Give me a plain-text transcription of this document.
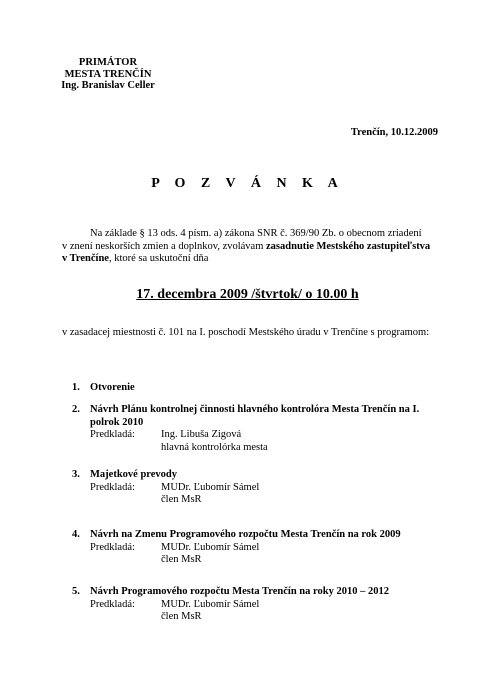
PRIMÁTOR
MESTA TRENČÍN
Ing. Branislav Celler
Trenčín, 10.12.2009
P O Z V Á N K A

Na základe § 13 ods. 4 písm. a) zákona SNR č. 369/90 Zb. o obecnom zriadení

v znení neskorších zmien a doplnkov, zvolávam zasadnutie Mestského zastupiteľstva

v Trenčíne, ktoré sa uskutoční dňa

17. decembra 2009 /štvrtok/ o 10.00 h
v zasadacej miestnosti č. 101 na I. poschodí Mestského úradu v Trenčíne s programom:
1. Otvorenie
2. Návrh Plánu kontrolnej činnosti hlavného kontrolóra Mesta Trenčín na I. polrok 2010
Predkladá:	Ing. Libuša Zigová
hlavná kontrolórka mesta
3. Majetkové prevody
Predkladá:	MUDr. Ľubomír Sámel
člen MsR
4. Návrh na Zmenu Programového rozpočtu Mesta Trenčín na rok 2009
Predkladá:	MUDr. Ľubomír Sámel
člen MsR
5. Návrh Programového rozpočtu Mesta Trenčín na roky 2010 – 2012
Predkladá:	MUDr. Ľubomír Sámel
člen MsR
